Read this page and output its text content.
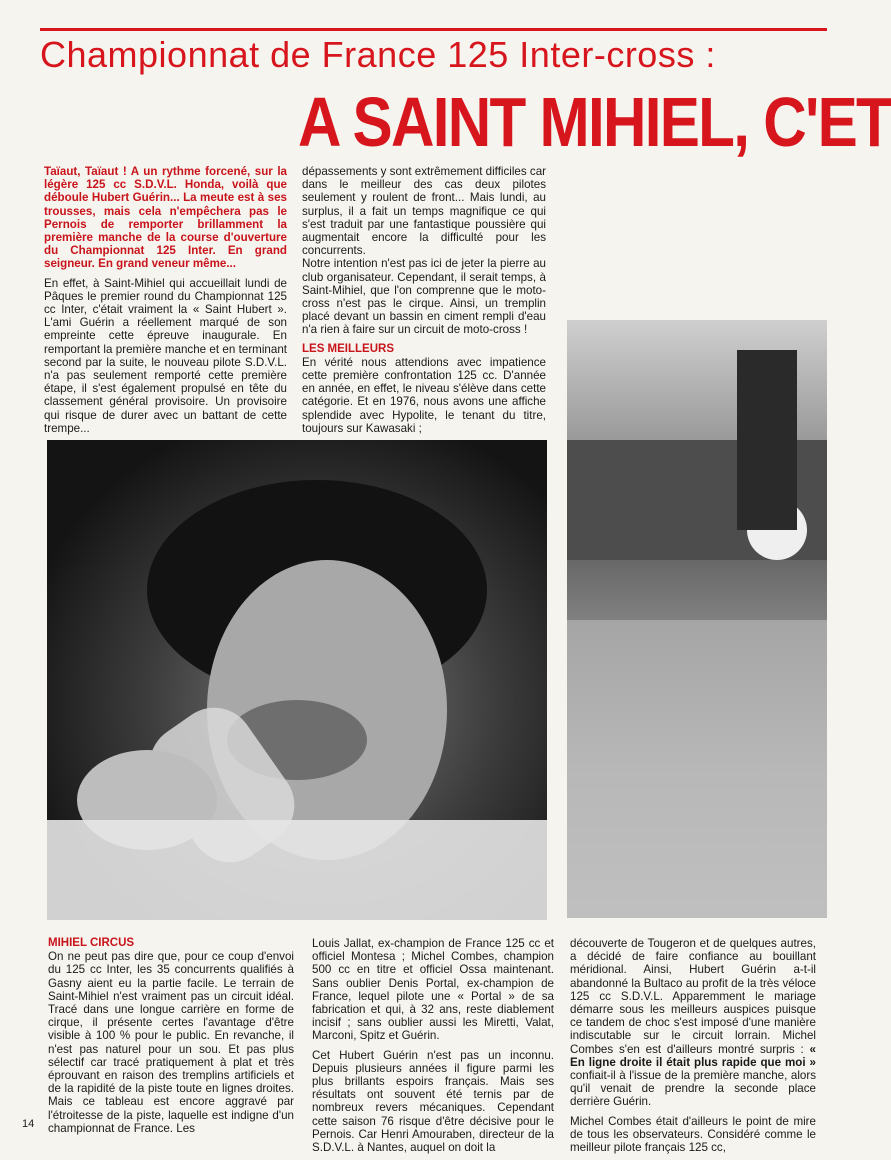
Championnat de France 125 Inter-cross :
A SAINT MIHIEL, C'ET

Taïaut, Taïaut ! A un rythme forcené, sur la légère 125 cc S.D.V.L. Honda, voilà que déboule Hubert Guérin... La meute est à ses trousses, mais cela n'empêchera pas le Pernois de remporter brillamment la première manche de la course d'ouverture du Championnat 125 Inter. En grand seigneur. En grand veneur même...

En effet, à Saint-Mihiel qui accueillait lundi de Pâques le premier round du Championnat 125 cc Inter, c'était vraiment la « Saint Hubert ». L'ami Guérin a réellement marqué de son empreinte cette épreuve inaugurale. En remportant la première manche et en terminant second par la suite, le nouveau pilote S.D.V.L. n'a pas seulement remporté cette première étape, il s'est également propulsé en tête du classement général provisoire. Un provisoire qui risque de durer avec un battant de cette trempe...

dépassements y sont extrêmement difficiles car dans le meilleur des cas deux pilotes seulement y roulent de front... Mais lundi, au surplus, il a fait un temps magnifique ce qui s'est traduit par une fantastique poussière qui augmentait encore la difficulté pour les concurrents.

Notre intention n'est pas ici de jeter la pierre au club organisateur. Cependant, il serait temps, à Saint-Mihiel, que l'on comprenne que le moto-cross n'est pas le cirque. Ainsi, un tremplin placé devant un bassin en ciment rempli d'eau n'a rien à faire sur un circuit de moto-cross !

LES MEILLEURS

En vérité nous attendions avec impatience cette première confrontation 125 cc. D'année en année, en effet, le niveau s'élève dans cette catégorie. Et en 1976, nous avons une affiche splendide avec Hypolite, le tenant du titre, toujours sur Kawasaki ;

MIHIEL CIRCUS

On ne peut pas dire que, pour ce coup d'envoi du 125 cc Inter, les 35 concurrents qualifiés à Gasny aient eu la partie facile. Le terrain de Saint-Mihiel n'est vraiment pas un circuit idéal. Tracé dans une longue carrière en forme de cirque, il présente certes l'avantage d'être visible à 100 % pour le public. En revanche, il n'est pas naturel pour un sou. Et pas plus sélectif car tracé pratiquement à plat et très éprouvant en raison des tremplins artificiels et de la rapidité de la piste toute en lignes droites. Mais ce tableau est encore aggravé par l'étroitesse de la piste, laquelle est indigne d'un championnat de France. Les

Louis Jallat, ex-champion de France 125 cc et officiel Montesa ; Michel Combes, champion 500 cc en titre et officiel Ossa maintenant. Sans oublier Denis Portal, ex-champion de France, lequel pilote une « Portal » de sa fabrication et qui, à 32 ans, reste diablement incisif ; sans oublier aussi les Miretti, Valat, Marconi, Spitz et Guérin.

Cet Hubert Guérin n'est pas un inconnu. Depuis plusieurs années il figure parmi les plus brillants espoirs français. Mais ses résultats ont souvent été ternis par de nombreux revers mécaniques. Cependant cette saison 76 risque d'être décisive pour le Pernois. Car Henri Amouraben, directeur de la S.D.V.L. à Nantes, auquel on doit la

découverte de Tougeron et de quelques autres, a décidé de faire confiance au bouillant méridional. Ainsi, Hubert Guérin a-t-il abandonné la Bultaco au profit de la très véloce 125 cc S.D.V.L. Apparemment le mariage démarre sous les meilleurs auspices puisque ce tandem de choc s'est imposé d'une manière indiscutable sur le circuit lorrain. Michel Combes s'en est d'ailleurs montré surpris : « En ligne droite il était plus rapide que moi » confiait-il à l'issue de la première manche, alors qu'il venait de prendre la seconde place derrière Guérin.

Michel Combes était d'ailleurs le point de mire de tous les observateurs. Considéré comme le meilleur pilote français 125 cc,

14
